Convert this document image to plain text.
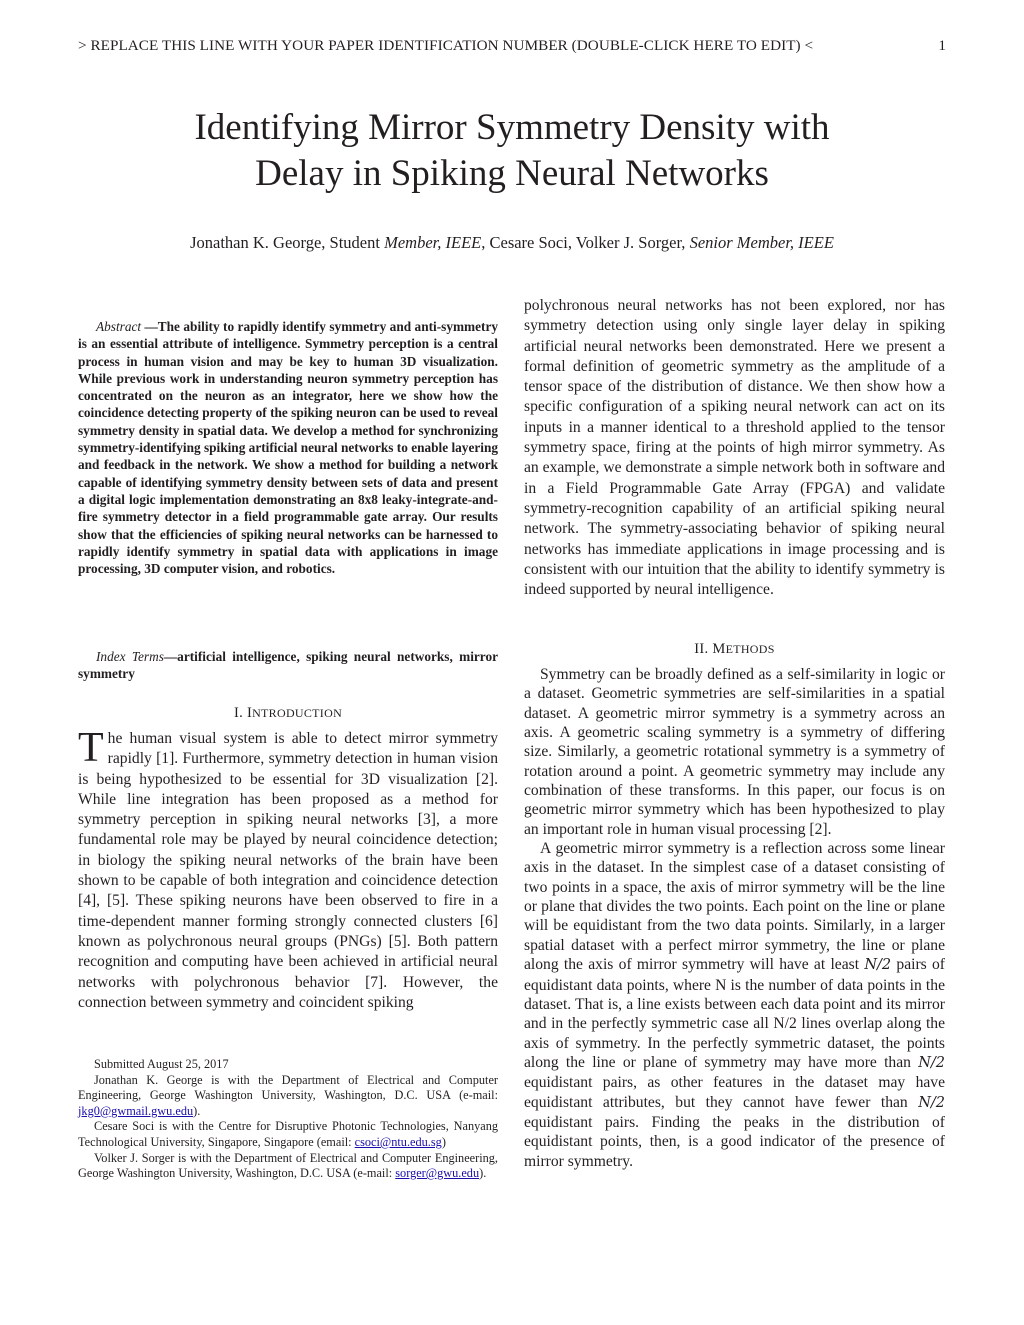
> REPLACE THIS LINE WITH YOUR PAPER IDENTIFICATION NUMBER (DOUBLE-CLICK HERE TO EDIT) <	1
Identifying Mirror Symmetry Density with
Delay in Spiking Neural Networks
Jonathan K. George, Student Member, IEEE, Cesare Soci, Volker J. Sorger, Senior Member, IEEE
Abstract —The ability to rapidly identify symmetry and anti-symmetry is an essential attribute of intelligence. Symmetry perception is a central process in human vision and may be key to human 3D visualization. While previous work in understanding neuron symmetry perception has concentrated on the neuron as an integrator, here we show how the coincidence detecting property of the spiking neuron can be used to reveal symmetry density in spatial data. We develop a method for synchronizing symmetry-identifying spiking artificial neural networks to enable layering and feedback in the network. We show a method for building a network capable of identifying symmetry density between sets of data and present a digital logic implementation demonstrating an 8x8 leaky-integrate-and-fire symmetry detector in a field programmable gate array. Our results show that the efficiencies of spiking neural networks can be harnessed to rapidly identify symmetry in spatial data with applications in image processing, 3D computer vision, and robotics.
Index Terms—artificial intelligence, spiking neural networks, mirror symmetry
I. INTRODUCTION
The human visual system is able to detect mirror symmetry rapidly [1]. Furthermore, symmetry detection in human vision is being hypothesized to be essential for 3D visualization [2]. While line integration has been proposed as a method for symmetry perception in spiking neural networks [3], a more fundamental role may be played by neural coincidence detection; in biology the spiking neural networks of the brain have been shown to be capable of both integration and coincidence detection [4], [5]. These spiking neurons have been observed to fire in a time-dependent manner forming strongly connected clusters [6] known as polychronous neural groups (PNGs) [5]. Both pattern recognition and computing have been achieved in artificial neural networks with polychronous behavior [7]. However, the connection between symmetry and coincident spiking

Submitted August 25, 2017

Jonathan K. George is with the Department of Electrical and Computer Engineering, George Washington University, Washington, D.C. USA (e-mail: jkg0@gwmail.gwu.edu).

Cesare Soci is with the Centre for Disruptive Photonic Technologies, Nanyang Technological University, Singapore, Singapore (email: csoci@ntu.edu.sg)

Volker J. Sorger is with the Department of Electrical and Computer Engineering, George Washington University, Washington, D.C. USA (e-mail: sorger@gwu.edu).

polychronous neural networks has not been explored, nor has symmetry detection using only single layer delay in spiking artificial neural networks been demonstrated. Here we present a formal definition of geometric symmetry as the amplitude of a tensor space of the distribution of distance. We then show how a specific configuration of a spiking neural network can act on its inputs in a manner identical to a threshold applied to the tensor symmetry space, firing at the points of high mirror symmetry. As an example, we demonstrate a simple network both in software and in a Field Programmable Gate Array (FPGA) and validate symmetry-recognition capability of an artificial spiking neural network. The symmetry-associating behavior of spiking neural networks has immediate applications in image processing and is consistent with our intuition that the ability to identify symmetry is indeed supported by neural intelligence.
II. METHODS

Symmetry can be broadly defined as a self-similarity in logic or a dataset. Geometric symmetries are self-similarities in a spatial dataset. A geometric mirror symmetry is a symmetry across an axis. A geometric scaling symmetry is a symmetry of differing size. Similarly, a geometric rotational symmetry is a symmetry of rotation around a point. A geometric symmetry may include any combination of these transforms. In this paper, our focus is on geometric mirror symmetry which has been hypothesized to play an important role in human visual processing [2].

A geometric mirror symmetry is a reflection across some linear axis in the dataset. In the simplest case of a dataset consisting of two points in a space, the axis of mirror symmetry will be the line or plane that divides the two points. Each point on the line or plane will be equidistant from the two data points. Similarly, in a larger spatial dataset with a perfect mirror symmetry, the line or plane along the axis of mirror symmetry will have at least N/2 pairs of equidistant data points, where N is the number of data points in the dataset. That is, a line exists between each data point and its mirror and in the perfectly symmetric case all N/2 lines overlap along the axis of symmetry. In the perfectly symmetric dataset, the points along the line or plane of symmetry may have more than N/2 equidistant pairs, as other features in the dataset may have equidistant attributes, but they cannot have fewer than N/2 equidistant pairs. Finding the peaks in the distribution of equidistant points, then, is a good indicator of the presence of mirror symmetry.
